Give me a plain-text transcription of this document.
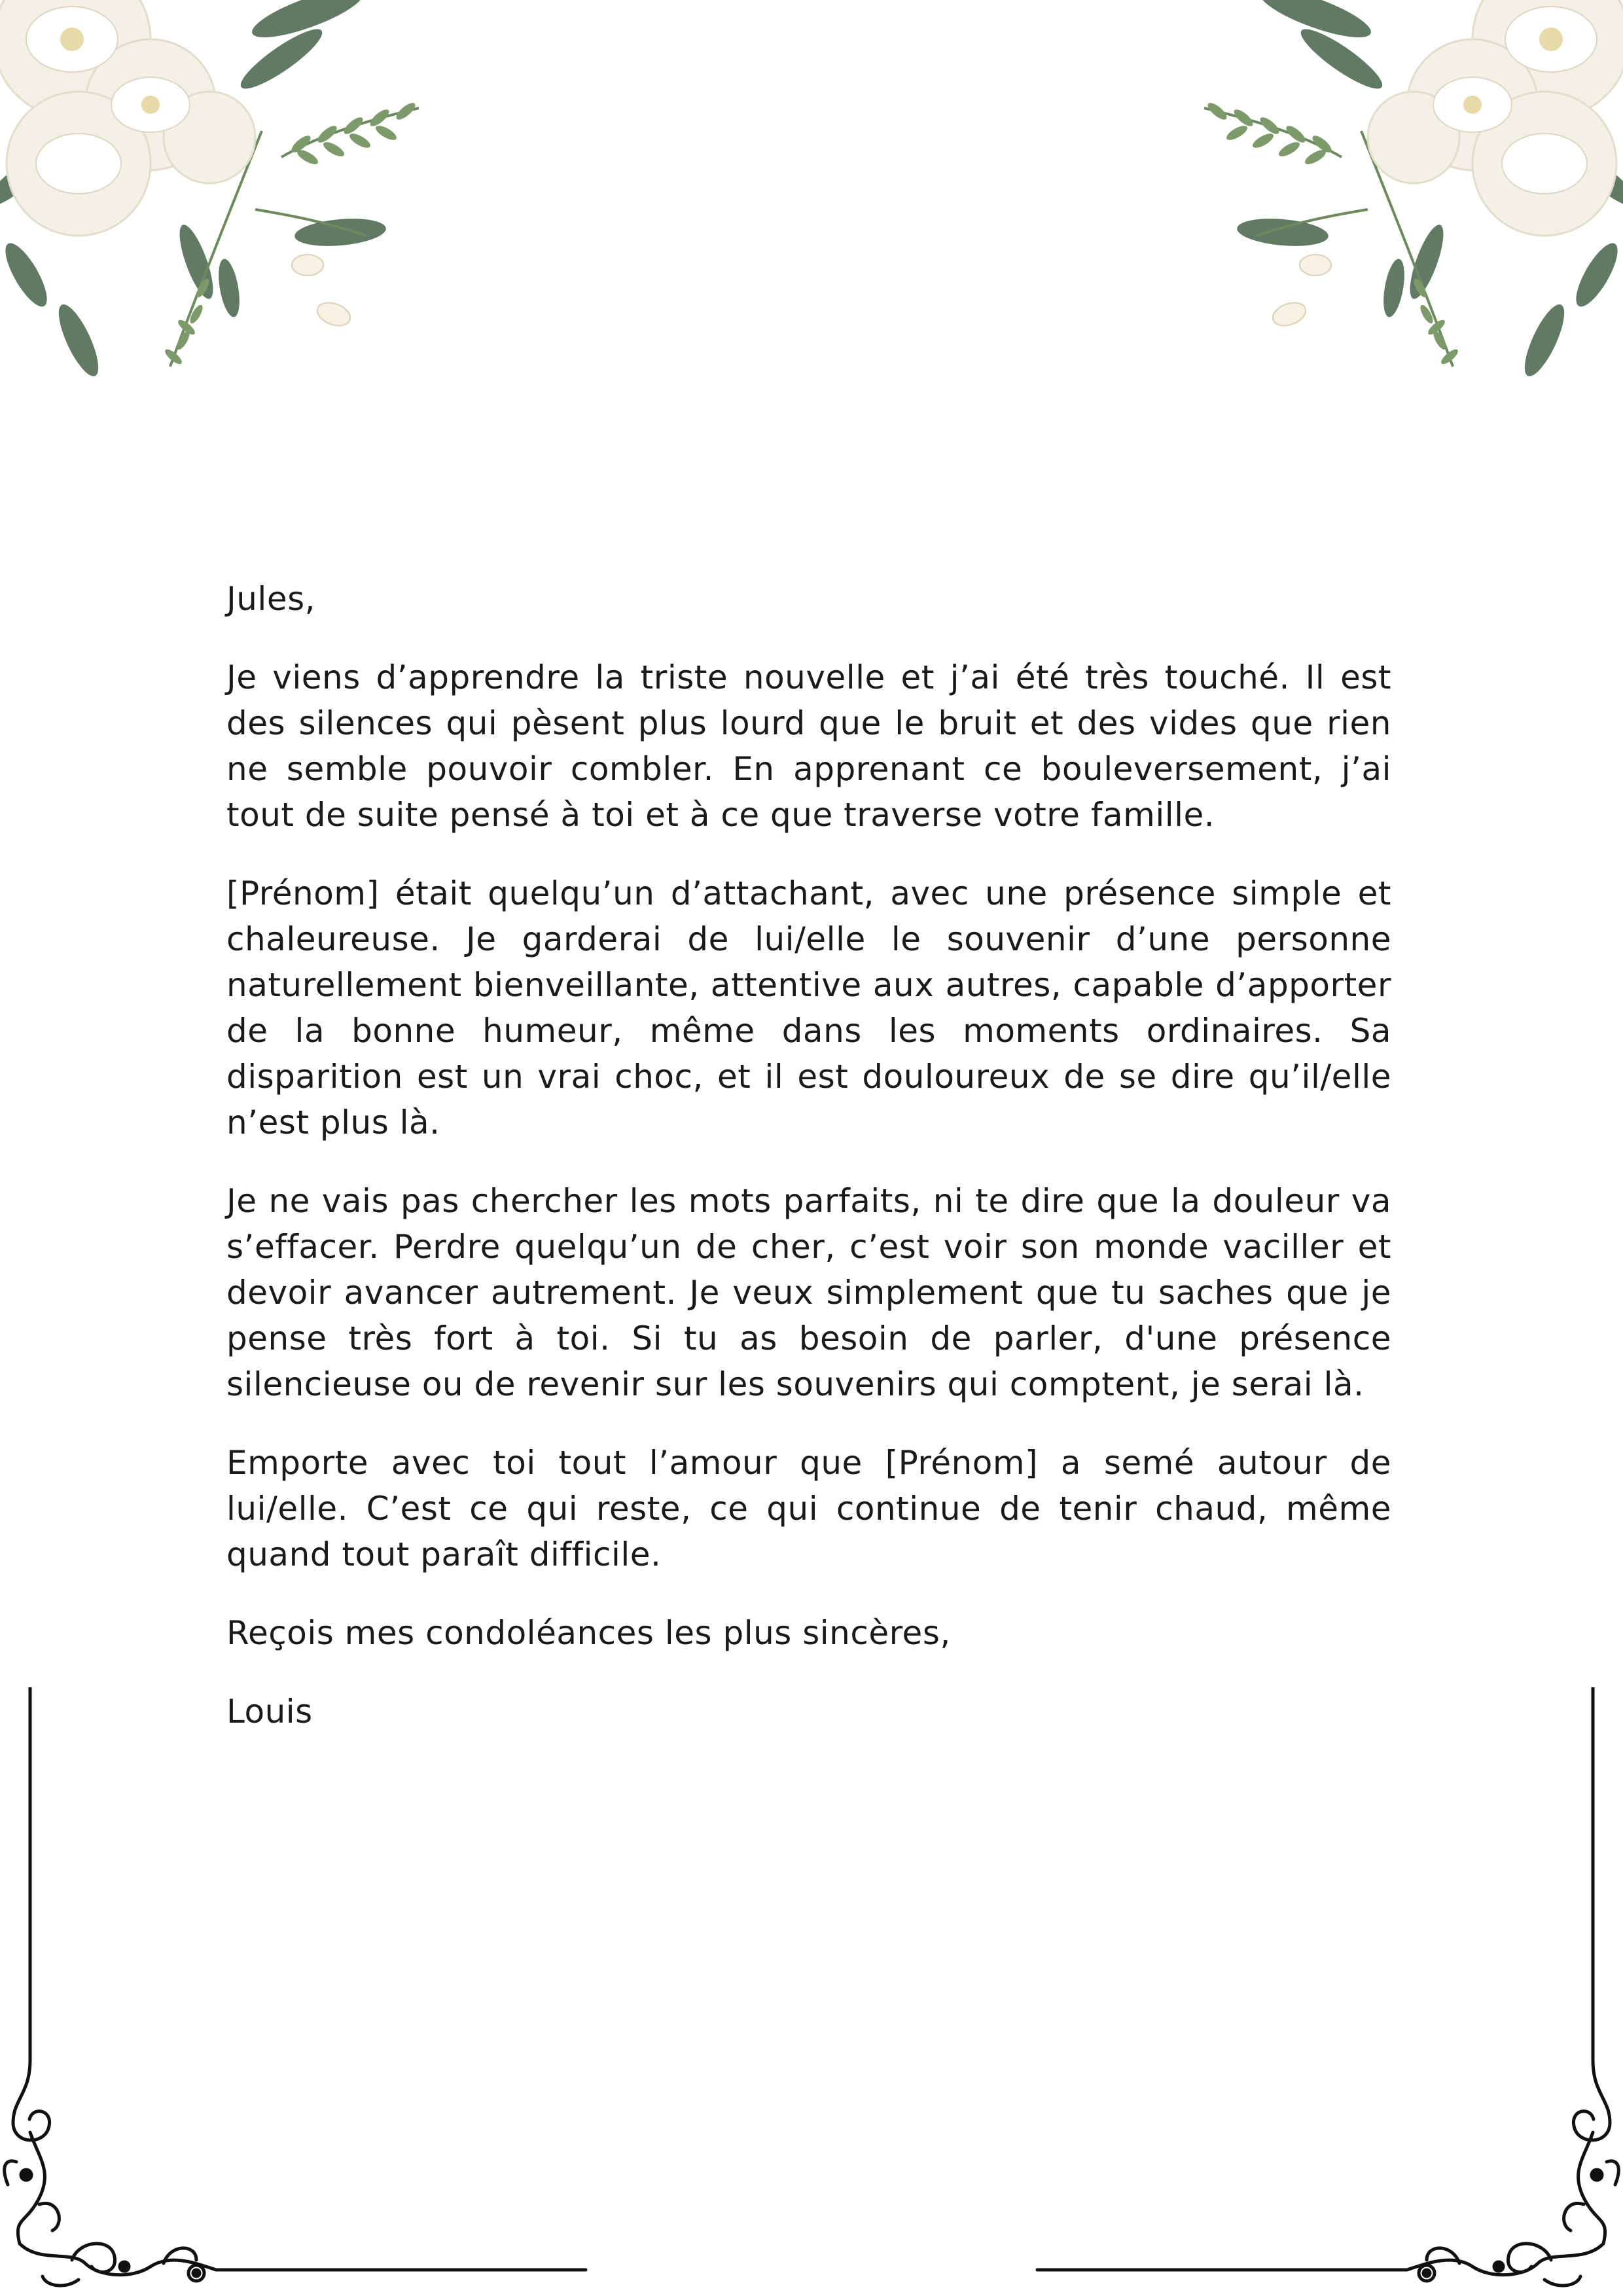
Jules,

Je viens d’apprendre la triste nouvelle et j’ai été très touché. Il est des silences qui pèsent plus lourd que le bruit et des vides que rien ne semble pouvoir combler. En apprenant ce bouleversement, j’ai tout de suite pensé à toi et à ce que traverse votre famille.

[Prénom] était quelqu’un d’attachant, avec une présence simple et chaleureuse. Je garderai de lui/elle le souvenir d’une personne naturellement bienveillante, attentive aux autres, capable d’apporter de la bonne humeur, même dans les moments ordinaires. Sa disparition est un vrai choc, et il est douloureux de se dire qu’il/elle n’est plus là.

Je ne vais pas chercher les mots parfaits, ni te dire que la douleur va s’effacer. Perdre quelqu’un de cher, c’est voir son monde vaciller et devoir avancer autrement. Je veux simplement que tu saches que je pense très fort à toi. Si tu as besoin de parler, d'une présence silencieuse ou de revenir sur les souvenirs qui comptent, je serai là.

Emporte avec toi tout l’amour que [Prénom] a semé autour de lui/elle. C’est ce qui reste, ce qui continue de tenir chaud, même quand tout paraît difficile.

Reçois mes condoléances les plus sincères,

Louis
